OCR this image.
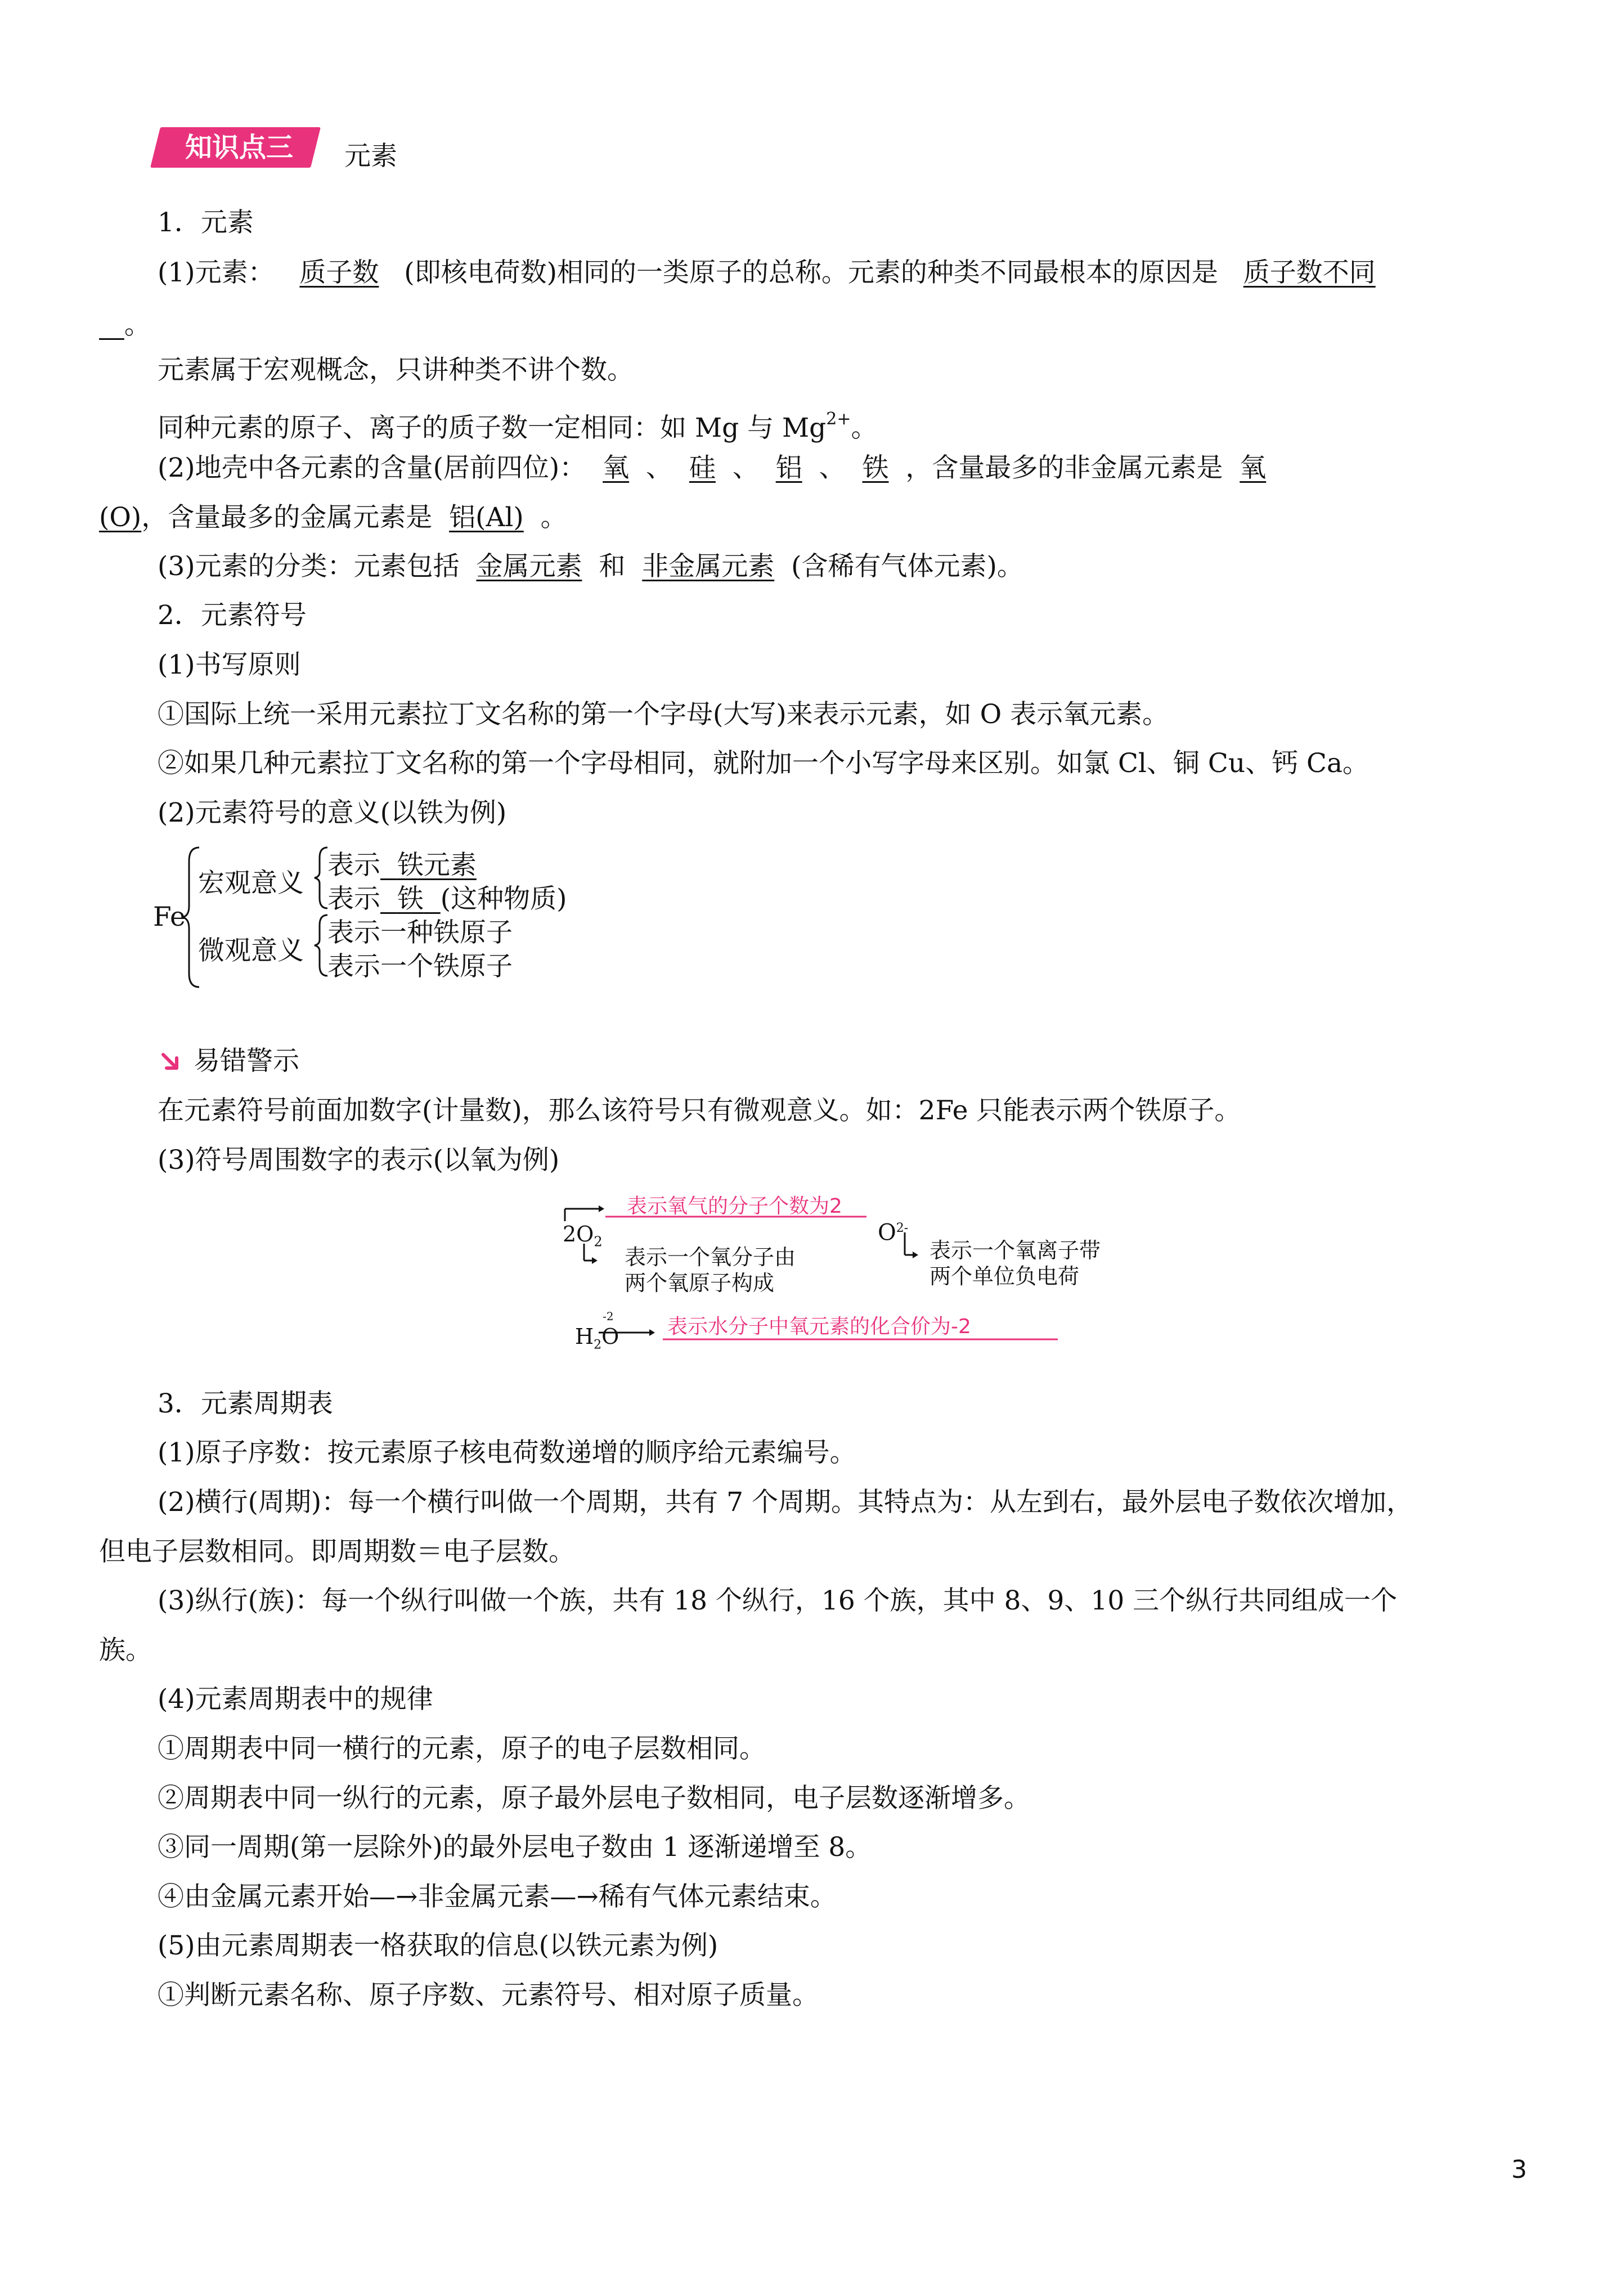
知识点三	元素
1．元素
(1)元素： 质子数 (即核电荷数)相同的一类原子的总称。元素的种类不同最根本的原因是 质子数不同
。
元素属于宏观概念，只讲种类不讲个数。
同种元素的原子、离子的质子数一定相同：如 Mg 与 $Mg^{2+}$。
(2)地壳中各元素的含量(居前四位)： 氧 、 硅 、 铝 、 铁 ，含量最多的非金属元素是 氧
(O)，含量最多的金属元素是 铝(Al) 。
(3)元素的分类：元素包括 金属元素 和 非金属元素 (含稀有气体元素)。
2．元素符号
(1)书写原则
①国际上统一采用元素拉丁文名称的第一个字母(大写)来表示元素，如 O 表示氧元素。
②如果几种元素拉丁文名称的第一个字母相同，就附加一个小写字母来区别。如氯 Cl、铜 Cu、钙 Ca。
(2)元素符号的意义(以铁为例)
Fe
宏观意义
表示 铁元素
表示 铁 (这种物质)
微观意义
表示一种铁原子
表示一个铁原子
易错警示
在元素符号前面加数字(计量数)，那么该符号只有微观意义。如：2Fe 只能表示两个铁原子。
(3)符号周围数字的表示(以氧为例)
$2O_2$
表示氧气的分子个数为2
表示一个氧分子由
两个氧原子构成
$O^{2-}$
表示一个氧离子带
两个单位负电荷
$H_2$
-2
O 表示水分子中氧元素的化合价为-2
3．元素周期表
(1)原子序数：按元素原子核电荷数递增的顺序给元素编号。
(2)横行(周期)：每一个横行叫做一个周期，共有 7 个周期。其特点为：从左到右，最外层电子数依次增加，
但电子层数相同。即周期数＝电子层数。
(3)纵行(族)：每一个纵行叫做一个族，共有 18 个纵行，16 个族，其中 8、9、10 三个纵行共同组成一个
族。
(4)元素周期表中的规律
①周期表中同一横行的元素，原子的电子层数相同。
②周期表中同一纵行的元素，原子最外层电子数相同，电子层数逐渐增多。
③同一周期(第一层除外)的最外层电子数由 1 逐渐递增至 8。
④由金属元素开始—→非金属元素—→稀有气体元素结束。
(5)由元素周期表一格获取的信息(以铁元素为例)
①判断元素名称、原子序数、元素符号、相对原子质量。
3
